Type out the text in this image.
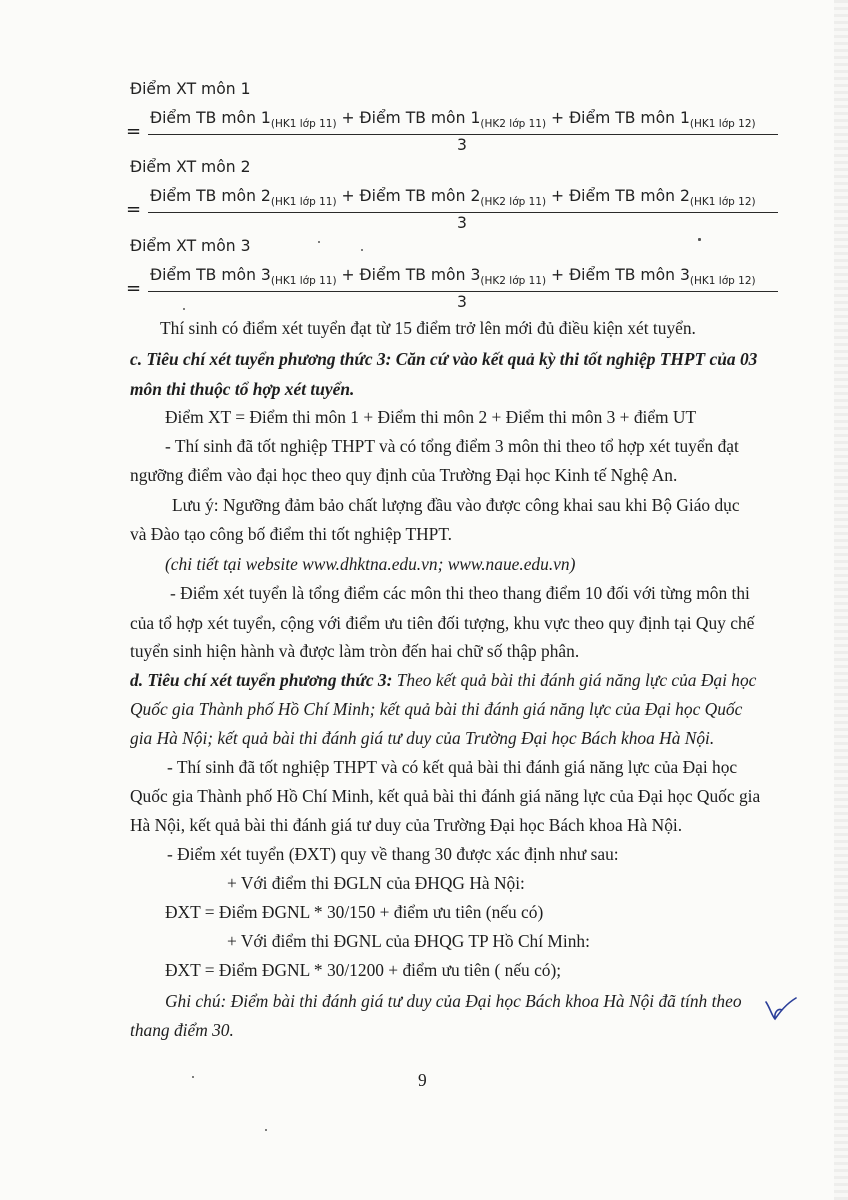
Điểm XT môn 1
=
Điểm TB môn $1_{(HK1 lớp 11)}$ + Điểm TB môn $1_{(HK2 lớp 11)}$ + Điểm TB môn $1_{(HK1 lớp 12)}$
3
Điểm XT môn 2
=
Điểm TB môn $2_{(HK1 lớp 11)}$ + Điểm TB môn $2_{(HK2 lớp 11)}$ + Điểm TB môn $2_{(HK1 lớp 12)}$
3
Điểm XT môn 3
=
Điểm TB môn $3_{(HK1 lớp 11)}$ + Điểm TB môn $3_{(HK2 lớp 11)}$ + Điểm TB môn $3_{(HK1 lớp 12)}$
3
Thí sinh có điểm xét tuyển đạt từ 15 điểm trở lên mới đủ điều kiện xét tuyển.
c. Tiêu chí xét tuyển phương thức 3: Căn cứ vào kết quả kỳ thi tốt nghiệp THPT của 03
môn thi thuộc tổ hợp xét tuyển.
Điểm XT = Điểm thi môn 1 + Điểm thi môn 2 + Điểm thi môn 3 + điểm UT
- Thí sinh đã tốt nghiệp THPT và có tổng điểm 3 môn thi theo tổ hợp xét tuyển đạt
ngưỡng điểm vào đại học theo quy định của Trường Đại học Kinh tế Nghệ An.
Lưu ý: Ngưỡng đảm bảo chất lượng đầu vào được công khai sau khi Bộ Giáo dục
và Đào tạo công bố điểm thi tốt nghiệp THPT.
(chi tiết tại website www.dhktna.edu.vn; www.naue.edu.vn)
- Điểm xét tuyển là tổng điểm các môn thi theo thang điểm 10 đối với từng môn thi
của tổ hợp xét tuyển, cộng với điểm ưu tiên đối tượng, khu vực theo quy định tại Quy chế
tuyển sinh hiện hành và được làm tròn đến hai chữ số thập phân.
d. Tiêu chí xét tuyển phương thức 3: Theo kết quả bài thi đánh giá năng lực của Đại học
Quốc gia Thành phố Hồ Chí Minh; kết quả bài thi đánh giá năng lực của Đại học Quốc
gia Hà Nội; kết quả bài thi đánh giá tư duy của Trường Đại học Bách khoa Hà Nội.
- Thí sinh đã tốt nghiệp THPT và có kết quả bài thi đánh giá năng lực của Đại học
Quốc gia Thành phố Hồ Chí Minh, kết quả bài thi đánh giá năng lực của Đại học Quốc gia
Hà Nội, kết quả bài thi đánh giá tư duy của Trường Đại học Bách khoa Hà Nội.
- Điểm xét tuyển (ĐXT) quy về thang 30 được xác định như sau:
+ Với điểm thi ĐGLN của ĐHQG Hà Nội:
ĐXT = Điểm ĐGNL * 30/150 + điểm ưu tiên (nếu có)
+ Với điểm thi ĐGNL của ĐHQG TP Hồ Chí Minh:
ĐXT = Điểm ĐGNL * 30/1200 + điểm ưu tiên ( nếu có);
Ghi chú: Điểm bài thi đánh giá tư duy của Đại học Bách khoa Hà Nội đã tính theo
thang điểm 30.
9
